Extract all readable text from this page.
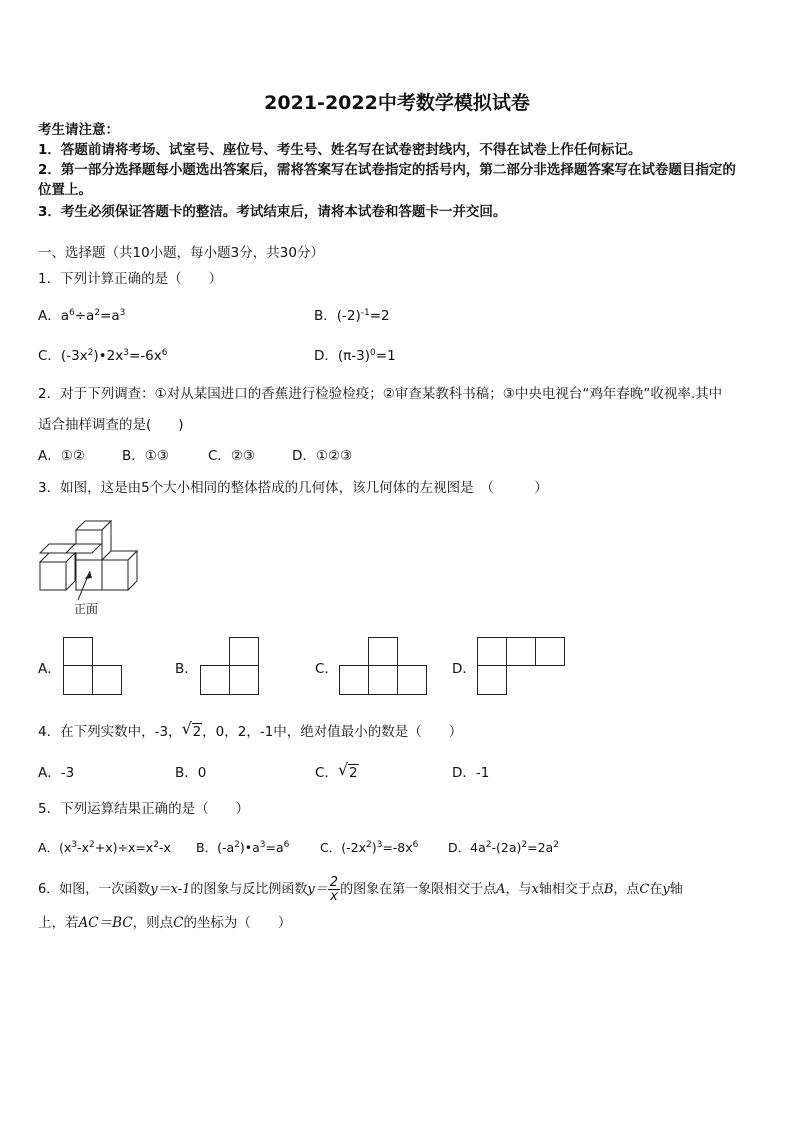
2021-2022中考数学模拟试卷
考生请注意：
1．答题前请将考场、试室号、座位号、考生号、姓名写在试卷密封线内，不得在试卷上作任何标记。
2．第一部分选择题每小题选出答案后，需将答案写在试卷指定的括号内，第二部分非选择题答案写在试卷题目指定的
位置上。
3．考生必须保证答题卡的整洁。考试结束后，请将本试卷和答题卡一并交回。
一、选择题（共10小题，每小题3分，共30分）
1．下列计算正确的是（　　）
A．$a^6\div a^2=a^3$	B．$(-2)^{-1}=2$
C．$(-3x^2)•2x^3=-6x^6$	D．$(\pi-3)^0=1$
2．对于下列调查：①对从某国进口的香蕉进行检验检疫；②审查某教科书稿；③中央电视台“鸡年春晚”收视率.其中
适合抽样调查的是(　　)
A．①②	B．①③	C．②③	D．①②③
3．如图，这是由5个大小相同的整体搭成的几何体，该几何体的左视图是　（　　　）
正面
A．	B．	C．	D．
4．在下列实数中，-3， √ 2，0，2，-1中，绝对值最小的数是（　　）
A．-3	B．0	C． √ 2	D．-1
5．下列运算结果正确的是（　　）
A．$(x^3-x^2+x)\div x=x^2-x$ B．$(-a^2)•a^3=a^6$ C．$(-2x^2)^3=-8x^6$ D．$4a^2-(2a)^2=2a^2$
6．如图，一次函数y＝x-1的图象与反比例函数$y= \frac{2}{x}$ 的图象在第一象限相交于点A，与x轴相交于点B，点C在y轴
上，若AC＝BC，则点C的坐标为（　　）
